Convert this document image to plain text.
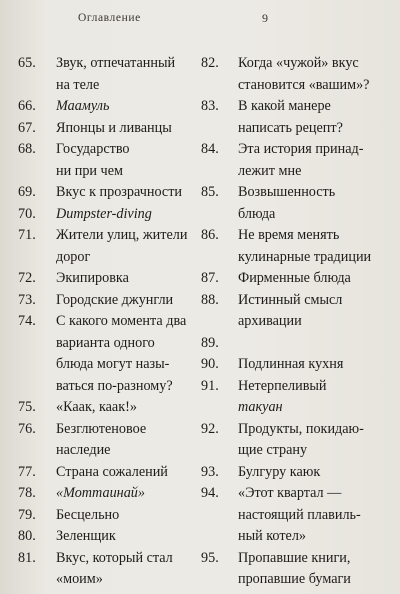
Оглавление	9
65.	Звук, отпечатанный
на теле
66.	Маамуль
67.	Японцы и ливанцы
68.	Государство
ни при чем
69.	Вкус к прозрачности
70.	Dumpster-diving
71.	Жители улиц, жители
дорог
72.	Экипировка
73.	Городские джунгли
74.	С какого момента два
варианта одного
блюда могут назы-
ваться по-разному?
75.	«Каак, каак!»
76.	Безглютеновое
наследие
77.	Страна сожалений
78.	«Моттаинай»
79.	Бесцельно
80.	Зеленщик
81.	Вкус, который стал
«моим»
82.	Когда «чужой» вкус
становится «вашим»?
83.	В какой манере
написать рецепт?
84.	Эта история принад-
лежит мне
85.	Возвышенность
блюда
86.	Не время менять
кулинарные традиции
87.	Фирменные блюда
88.	Истинный смысл
архивации
89.

90.	Подлинная кухня
91.	Нетерпеливый
такуан
92.	Продукты, покидаю-
щие страну
93.	Булгуру каюк
94.	«Этот квартал —
настоящий плавиль-
ный котел»
95.	Пропавшие книги,
пропавшие бумаги
